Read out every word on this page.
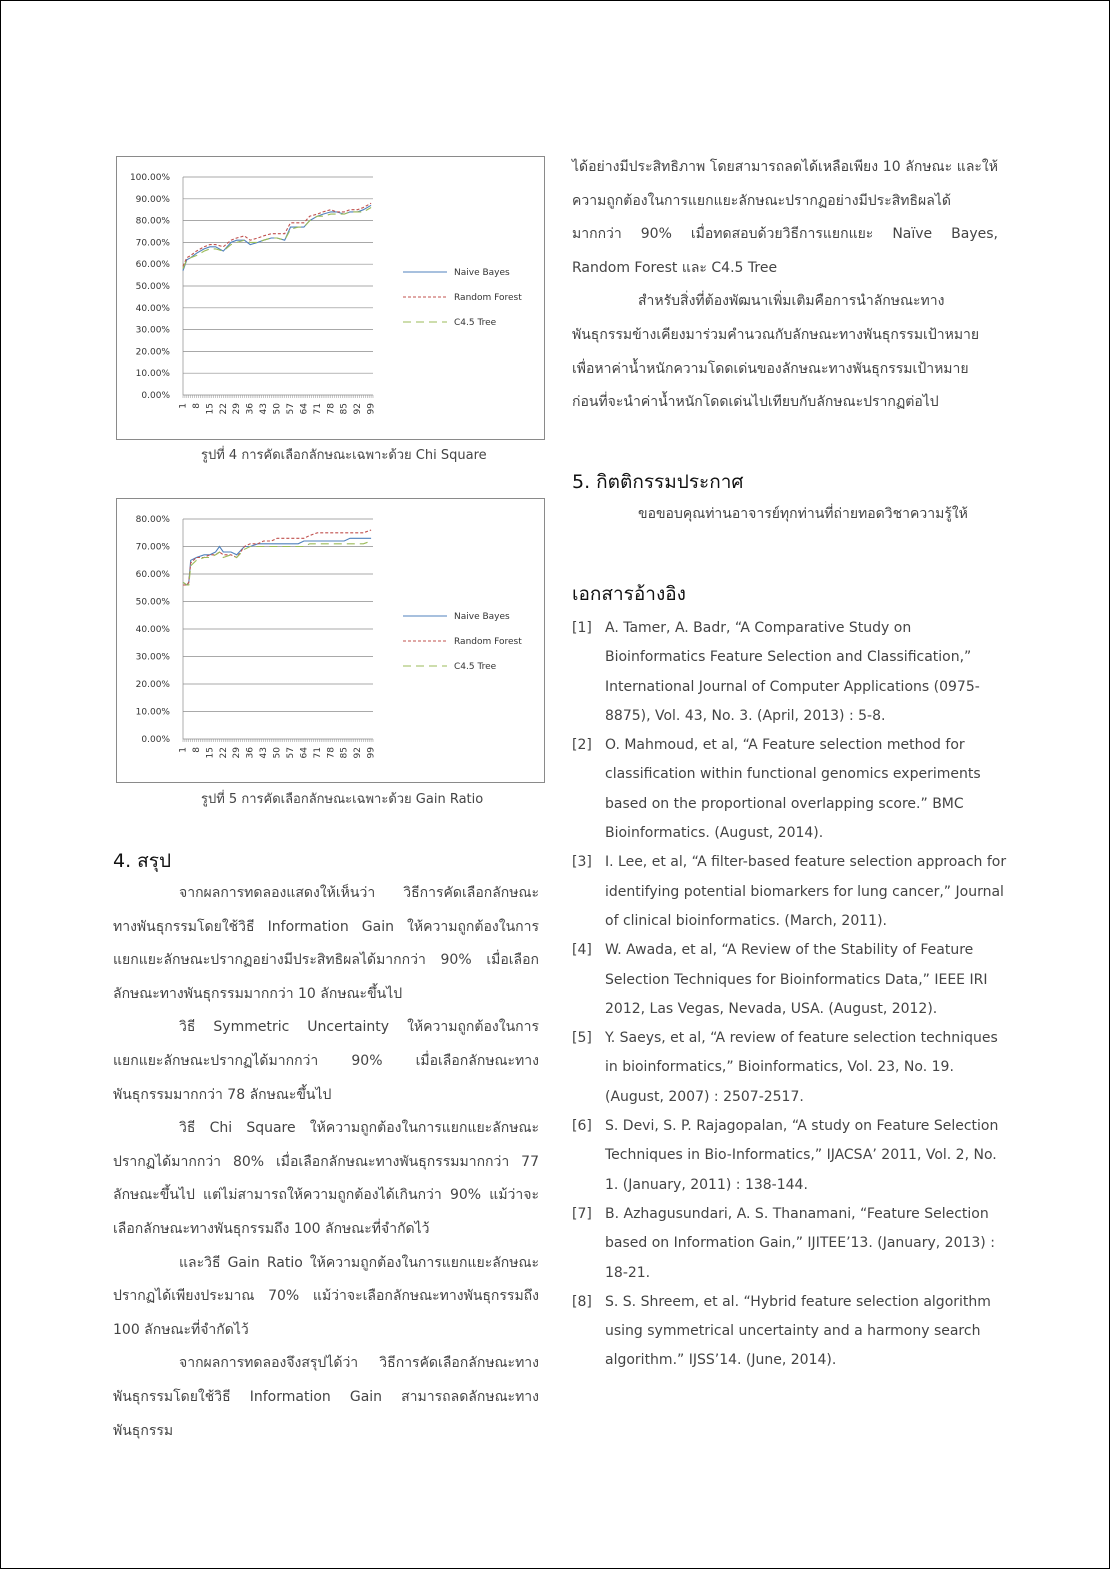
100.00%
90.00%
80.00%
70.00%
60.00%
50.00%
40.00%
30.00%
20.00%
10.00%
0.00%
1 8 15 22 29 36 43 50 57 64 71 78 85 92 99
Naive Bayes
Random Forest
C4.5 Tree
รูปที่ 4 การคัดเลือกลักษณะเฉพาะด้วย Chi Square
80.00%
70.00%
60.00%
50.00%
40.00%
30.00%
20.00%
10.00%
0.00%
1 8 15 22 29 36 43 50 57 64 71 78 85 92 99
Naive Bayes
Random Forest
C4.5 Tree
รูปที่ 5 การคัดเลือกลักษณะเฉพาะด้วย Gain Ratio
4. สรุป

จากผลการทดลองแสดงให้เห็นว่า วิธีการคัดเลือกลักษณะทางพันธุกรรมโดยใช้วิธี Information Gain ให้ความถูกต้องในการแยกแยะลักษณะปรากฏอย่างมีประสิทธิผลได้มากกว่า 90% เมื่อเลือกลักษณะทางพันธุกรรมมากกว่า 10 ลักษณะขึ้นไป

วิธี Symmetric Uncertainty ให้ความถูกต้องในการแยกแยะลักษณะปรากฏได้มากกว่า 90% เมื่อเลือกลักษณะทางพันธุกรรมมากกว่า 78 ลักษณะขึ้นไป

วิธี Chi Square ให้ความถูกต้องในการแยกแยะลักษณะปรากฏได้มากกว่า 80% เมื่อเลือกลักษณะทางพันธุกรรมมากกว่า 77 ลักษณะขึ้นไป แต่ไม่สามารถให้ความถูกต้องได้เกินกว่า 90% แม้ว่าจะเลือกลักษณะทางพันธุกรรมถึง 100 ลักษณะที่จำกัดไว้

และวิธี Gain Ratio ให้ความถูกต้องในการแยกแยะลักษณะปรากฏได้เพียงประมาณ 70% แม้ว่าจะเลือกลักษณะทางพันธุกรรมถึง 100 ลักษณะที่จำกัดไว้

จากผลการทดลองจึงสรุปได้ว่า วิธีการคัดเลือกลักษณะทางพันธุกรรมโดยใช้วิธี Information Gain สามารถลดลักษณะทางพันธุกรรม

ได้อย่างมีประสิทธิภาพ โดยสามารถลดได้เหลือเพียง 10 ลักษณะ และให้ความถูกต้องในการแยกแยะลักษณะปรากฏอย่างมีประสิทธิผลได้มากกว่า 90% เมื่อทดสอบด้วยวิธีการแยกแยะ Naïve Bayes, Random Forest และ C4.5 Tree

สำหรับสิ่งที่ต้องพัฒนาเพิ่มเติมคือการนำลักษณะทางพันธุกรรมข้างเคียงมาร่วมคำนวณกับลักษณะทางพันธุกรรมเป้าหมาย เพื่อหาค่าน้ำหนักความโดดเด่นของลักษณะทางพันธุกรรมเป้าหมาย ก่อนที่จะนำค่าน้ำหนักโดดเด่นไปเทียบกับลักษณะปรากฏต่อไป

5. กิตติกรรมประกาศ

ขอขอบคุณท่านอาจารย์ทุกท่านที่ถ่ายทอดวิชาความรู้ให้

เอกสารอ้างอิง
[1] A. Tamer, A. Badr, “A Comparative Study on Bioinformatics Feature Selection and Classification,” International Journal of Computer Applications (0975-8875), Vol. 43, No. 3. (April, 2013) : 5-8.
[2] O. Mahmoud, et al, “A Feature selection method for classification within functional genomics experiments based on the proportional overlapping score.” BMC Bioinformatics. (August, 2014).
[3] I. Lee, et al, “A filter-based feature selection approach for identifying potential biomarkers for lung cancer,” Journal of clinical bioinformatics. (March, 2011).
[4] W. Awada, et al, “A Review of the Stability of Feature Selection Techniques for Bioinformatics Data,” IEEE IRI 2012, Las Vegas, Nevada, USA. (August, 2012).
[5] Y. Saeys, et al, “A review of feature selection techniques in bioinformatics,” Bioinformatics, Vol. 23, No. 19. (August, 2007) : 2507-2517.
[6] S. Devi, S. P. Rajagopalan, “A study on Feature Selection Techniques in Bio-Informatics,” IJACSA’ 2011, Vol. 2, No. 1. (January, 2011) : 138-144.
[7] B. Azhagusundari, A. S. Thanamani, “Feature Selection based on Information Gain,” IJITEE’13. (January, 2013) : 18-21.
[8] S. S. Shreem, et al. “Hybrid feature selection algorithm using symmetrical uncertainty and a harmony search algorithm.” IJSS’14. (June, 2014).
